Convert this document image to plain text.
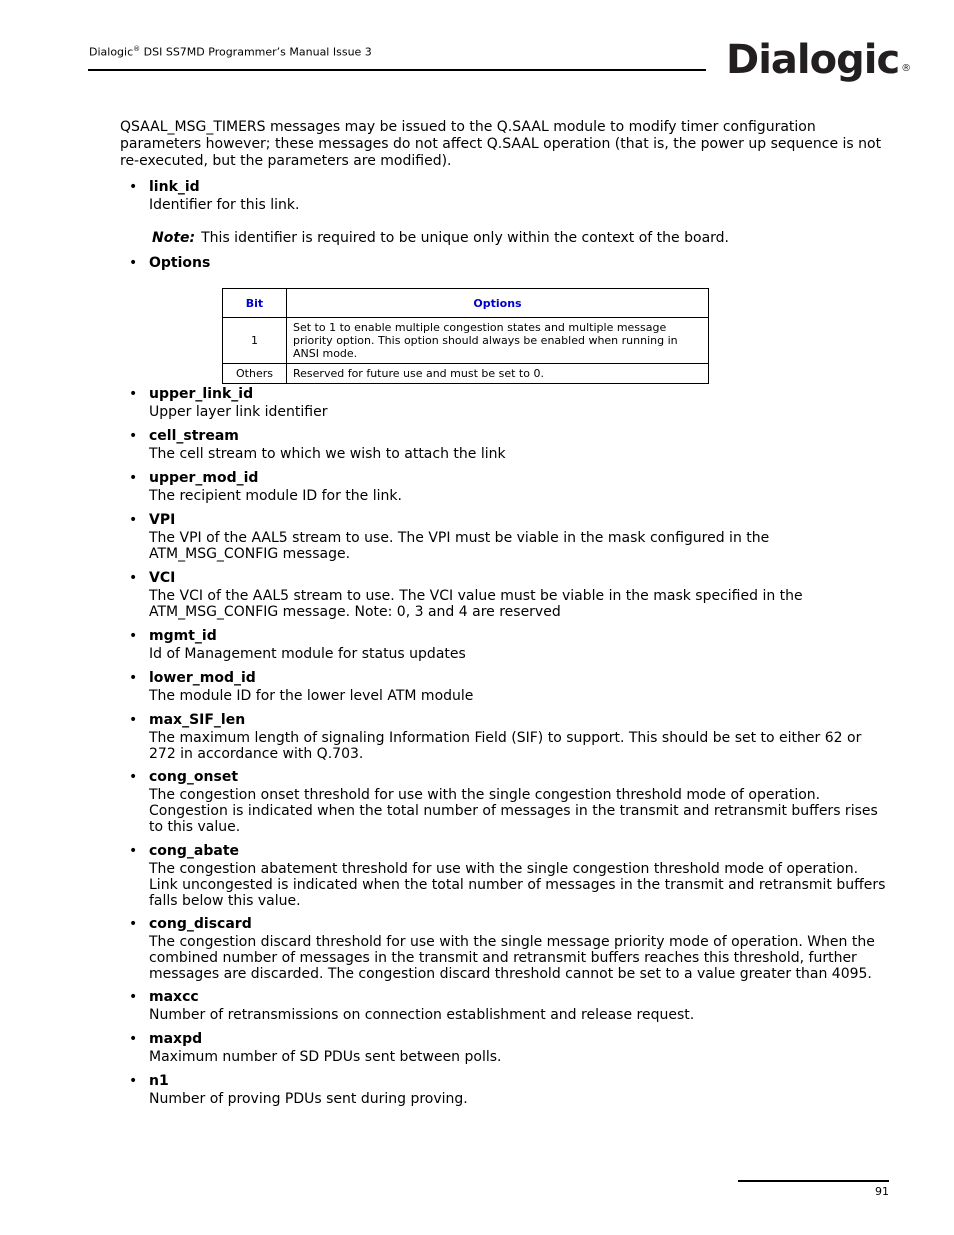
Dialogic® DSI SS7MD Programmer’s Manual Issue 3	Dialogic ®
QSAAL_MSG_TIMERS messages may be issued to the Q.SAAL module to modify timer configuration parameters however; these messages do not affect Q.SAAL operation (that is, the power up sequence is not re-executed, but the parameters are modified).
• link_id
Identifier for this link.
Note: This identifier is required to be unique only within the context of the board.
• Options
Bit	Options
1	Set to 1 to enable multiple congestion states and multiple message priority option. This option should always be enabled when running in ANSI mode.
Others	Reserved for future use and must be set to 0.
• upper_link_id
Upper layer link identifier
• cell_stream
The cell stream to which we wish to attach the link
• upper_mod_id
The recipient module ID for the link.
• VPI
The VPI of the AAL5 stream to use. The VPI must be viable in the mask configured in the ATM_MSG_CONFIG message.
• VCI
The VCI of the AAL5 stream to use. The VCI value must be viable in the mask specified in the ATM_MSG_CONFIG message. Note: 0, 3 and 4 are reserved
• mgmt_id
Id of Management module for status updates
• lower_mod_id
The module ID for the lower level ATM module
• max_SIF_len
The maximum length of signaling Information Field (SIF) to support. This should be set to either 62 or 272 in accordance with Q.703.
• cong_onset
The congestion onset threshold for use with the single congestion threshold mode of operation. Congestion is indicated when the total number of messages in the transmit and retransmit buffers rises to this value.
• cong_abate
The congestion abatement threshold for use with the single congestion threshold mode of operation. Link uncongested is indicated when the total number of messages in the transmit and retransmit buffers falls below this value.
• cong_discard
The congestion discard threshold for use with the single message priority mode of operation. When the combined number of messages in the transmit and retransmit buffers reaches this threshold, further messages are discarded. The congestion discard threshold cannot be set to a value greater than 4095.
• maxcc
Number of retransmissions on connection establishment and release request.
• maxpd
Maximum number of SD PDUs sent between polls.
• n1
Number of proving PDUs sent during proving.
91
